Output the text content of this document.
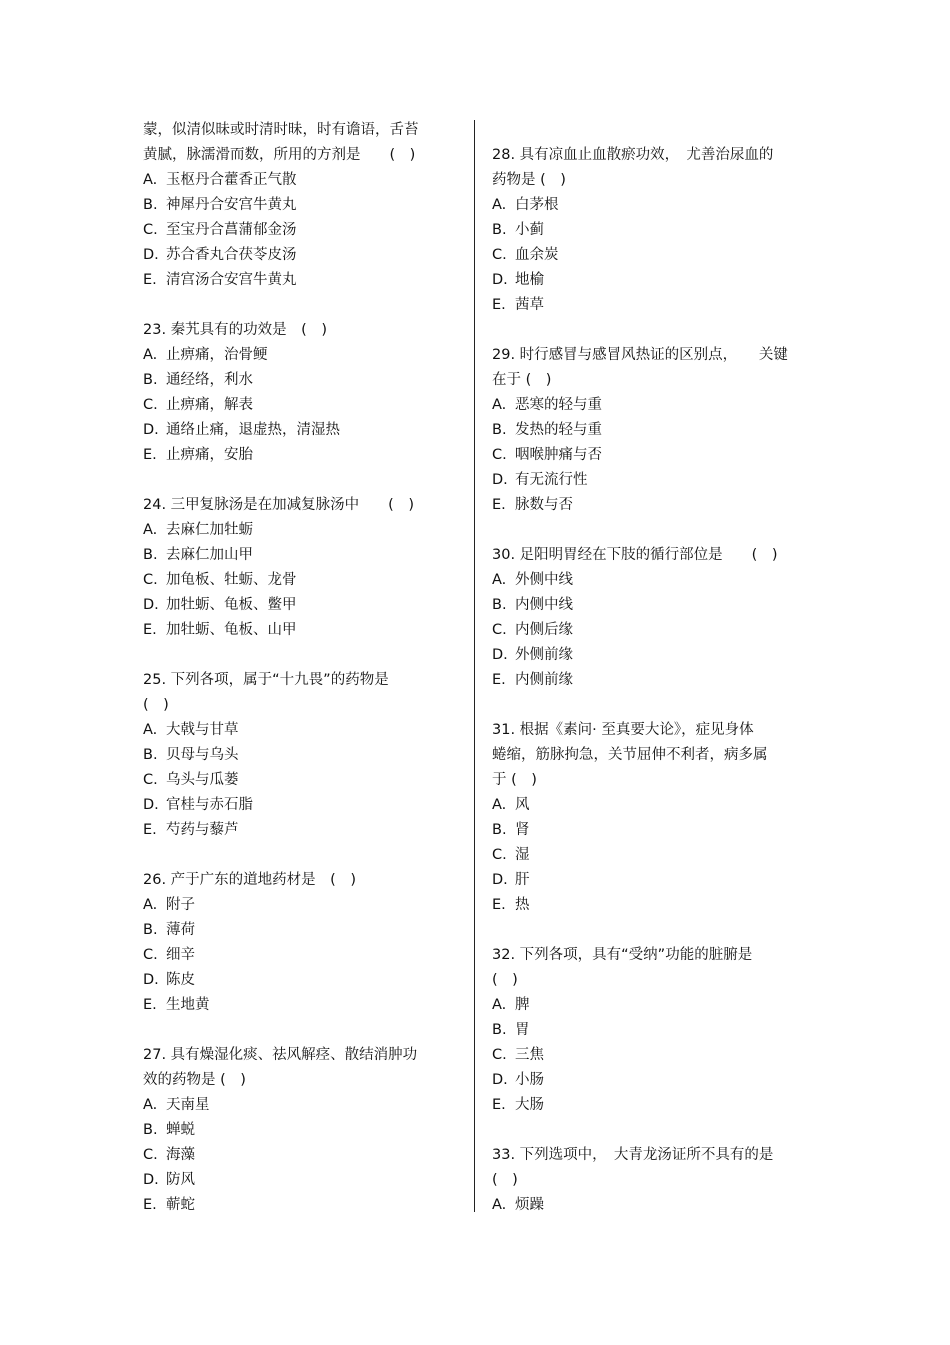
蒙，似清似昧或时清时昧，时有谵语，舌苔
黄腻，脉濡滑而数，所用的方剂是　　(　)
A. 玉枢丹合藿香正气散
B. 神犀丹合安宫牛黄丸
C. 至宝丹合菖蒲郁金汤
D. 苏合香丸合茯苓皮汤
E. 清宫汤合安宫牛黄丸
23. 秦艽具有的功效是　(　)
A. 止痹痛，治骨鲠
B. 通经络，利水
C. 止痹痛，解表
D. 通络止痛，退虚热，清湿热
E. 止痹痛，安胎
24. 三甲复脉汤是在加减复脉汤中　　(　)
A. 去麻仁加牡蛎
B. 去麻仁加山甲
C. 加龟板、牡蛎、龙骨
D. 加牡蛎、龟板、鳖甲
E. 加牡蛎、龟板、山甲
25. 下列各项，属于“十九畏”的药物是
(　)
A. 大戟与甘草
B. 贝母与乌头
C. 乌头与瓜蒌
D. 官桂与赤石脂
E. 芍药与藜芦
26. 产于广东的道地药材是　(　)
A. 附子
B. 薄荷
C. 细辛
D. 陈皮
E. 生地黄
27. 具有燥湿化痰、祛风解痉、散结消肿功
效的药物是 (　)
A. 天南星
B. 蝉蜕
C. 海藻
D. 防风
E. 蕲蛇
28. 具有凉血止血散瘀功效，　尤善治尿血的
药物是 (　)
A. 白茅根
B. 小蓟
C. 血余炭
D. 地榆
E. 茜草
29. 时行感冒与感冒风热证的区别点，　　关键
在于 (　)
A. 恶寒的轻与重
B. 发热的轻与重
C. 咽喉肿痛与否
D. 有无流行性
E. 脉数与否
30. 足阳明胃经在下肢的循行部位是　　(　)
A. 外侧中线
B. 内侧中线
C. 内侧后缘
D. 外侧前缘
E. 内侧前缘
31. 根据《素问· 至真要大论》，症见身体
蜷缩，筋脉拘急，关节屈伸不利者，病多属
于 (　)
A. 风
B. 肾
C. 湿
D. 肝
E. 热
32. 下列各项，具有“受纳”功能的脏腑是
(　)
A. 脾
B. 胃
C. 三焦
D. 小肠
E. 大肠
33. 下列选项中，　大青龙汤证所不具有的是
(　)
A. 烦躁
